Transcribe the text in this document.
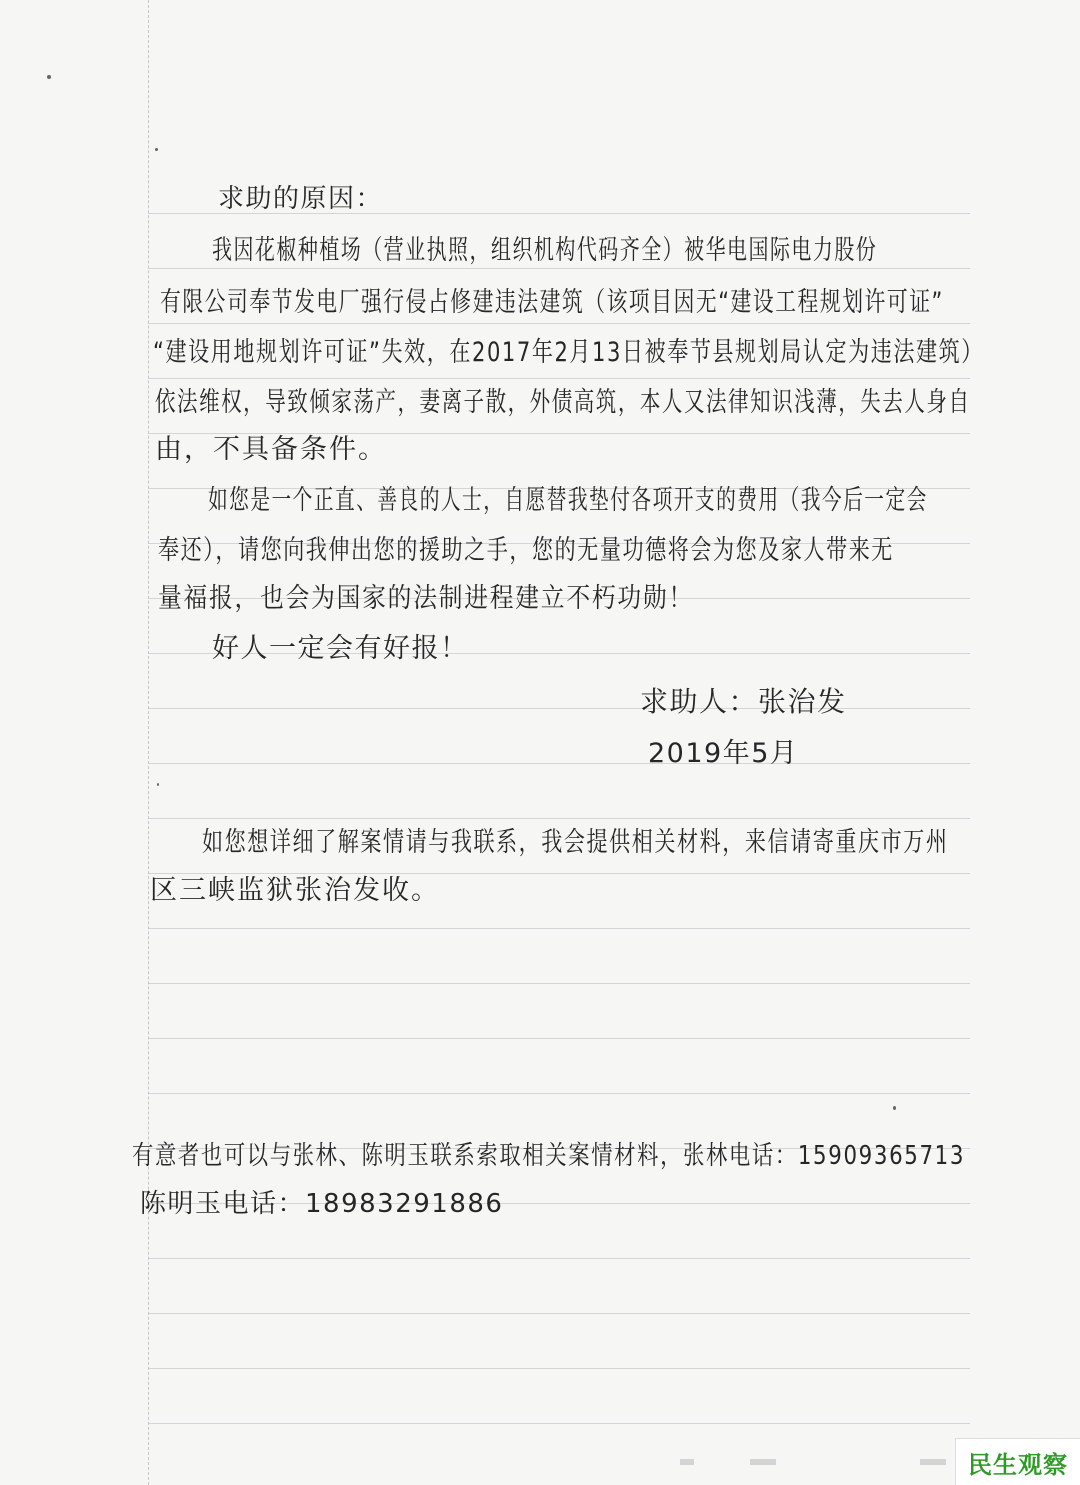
求助的原因：
我因花椒种植场（营业执照，组织机构代码齐全）被华电国际电力股份
有限公司奉节发电厂强行侵占修建违法建筑（该项目因无“建设工程规划许可证”
“建设用地规划许可证”失效，在2017年2月13日被奉节县规划局认定为违法建筑）
依法维权，导致倾家荡产，妻离子散，外债高筑，本人又法律知识浅薄，失去人身自
由，不具备条件。
如您是一个正直、善良的人士，自愿替我垫付各项开支的费用（我今后一定会
奉还），请您向我伸出您的援助之手，您的无量功德将会为您及家人带来无
量福报，也会为国家的法制进程建立不朽功勋！
好人一定会有好报！
求助人：张治发
2019年5月
如您想详细了解案情请与我联系，我会提供相关材料，来信请寄重庆市万州
区三峡监狱张治发收。
有意者也可以与张林、陈明玉联系索取相关案情材料，张林电话：15909365713
陈明玉电话：18983291886
民生观察
